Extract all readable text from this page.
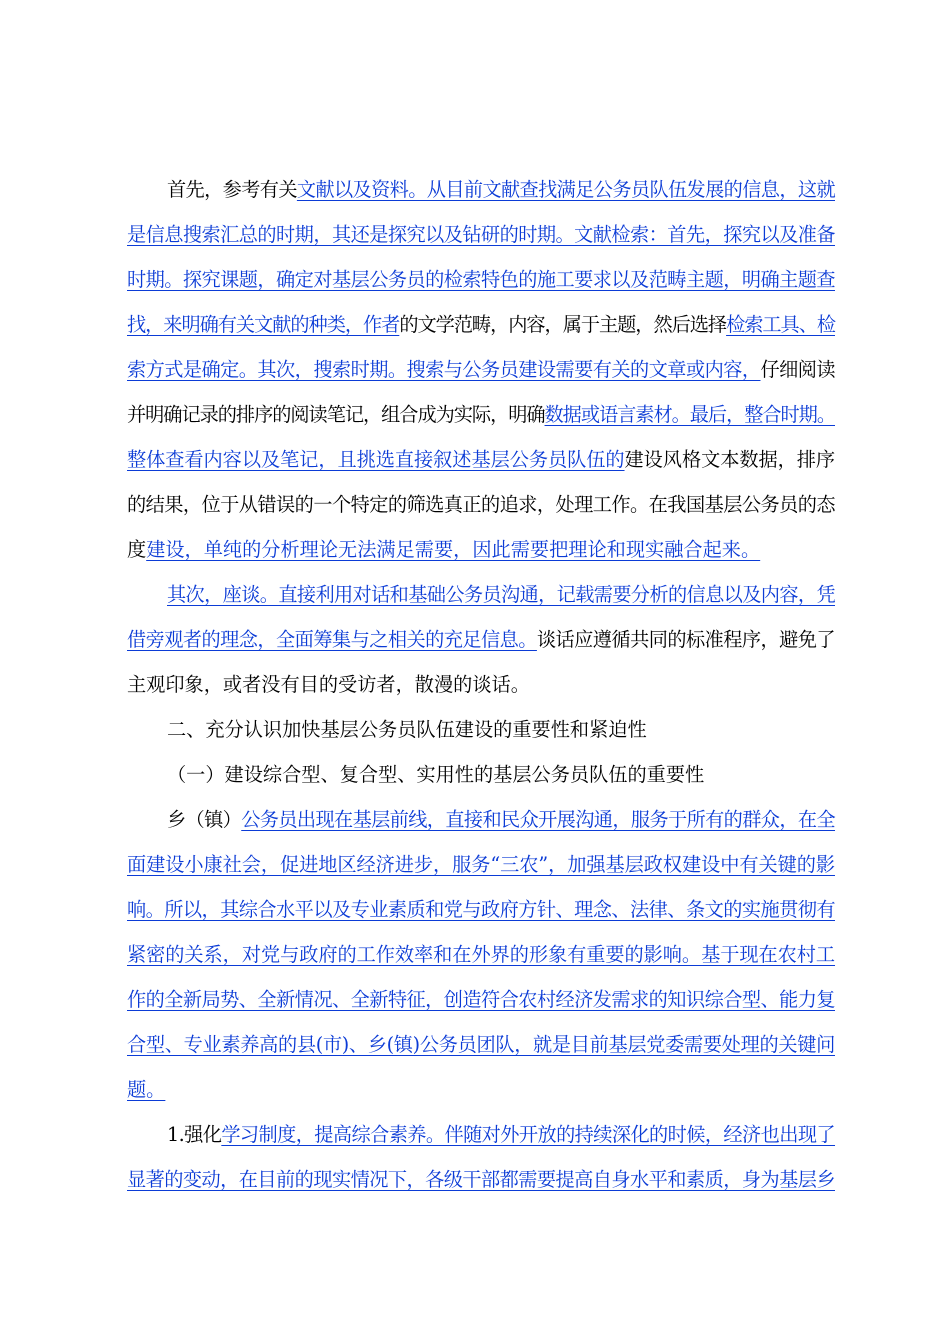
首先，参考有关文献以及资料。从目前文献查找满足公务员队伍发展的信息，这就
是信息搜索汇总的时期，其还是探究以及钻研的时期。文献检索：首先，探究以及准备
时期。探究课题，确定对基层公务员的检索特色的施工要求以及范畴主题，明确主题查
找，来明确有关文献的种类，作者的文学范畴，内容，属于主题，然后选择检索工具、检
索方式是确定。其次，搜索时期。搜索与公务员建设需要有关的文章或内容，仔细阅读
并明确记录的排序的阅读笔记，组合成为实际，明确数据或语言素材。最后，整合时期。
整体查看内容以及笔记，且挑选直接叙述基层公务员队伍的建设风格文本数据，排序
的结果，位于从错误的一个特定的筛选真正的追求，处理工作。在我国基层公务员的态
度建设，单纯的分析理论无法满足需要，因此需要把理论和现实融合起来。
其次，座谈。直接利用对话和基础公务员沟通，记载需要分析的信息以及内容，凭
借旁观者的理念，全面筹集与之相关的充足信息。谈话应遵循共同的标准程序，避免了
主观印象，或者没有目的受访者，散漫的谈话。
二、充分认识加快基层公务员队伍建设的重要性和紧迫性
（一）建设综合型、复合型、实用性的基层公务员队伍的重要性
乡（镇）公务员出现在基层前线，直接和民众开展沟通，服务于所有的群众，在全
面建设小康社会，促进地区经济进步，服务“三农”，加强基层政权建设中有关键的影
响。所以，其综合水平以及专业素质和党与政府方针、理念、法律、条文的实施贯彻有
紧密的关系，对党与政府的工作效率和在外界的形象有重要的影响。基于现在农村工
作的全新局势、全新情况、全新特征，创造符合农村经济发需求的知识综合型、能力复
合型、专业素养高的县(市)、乡(镇)公务员团队，就是目前基层党委需要处理的关键问
题。
1.强化学习制度，提高综合素养。伴随对外开放的持续深化的时候，经济也出现了
显著的变动，在目前的现实情况下，各级干部都需要提高自身水平和素质，身为基层乡
